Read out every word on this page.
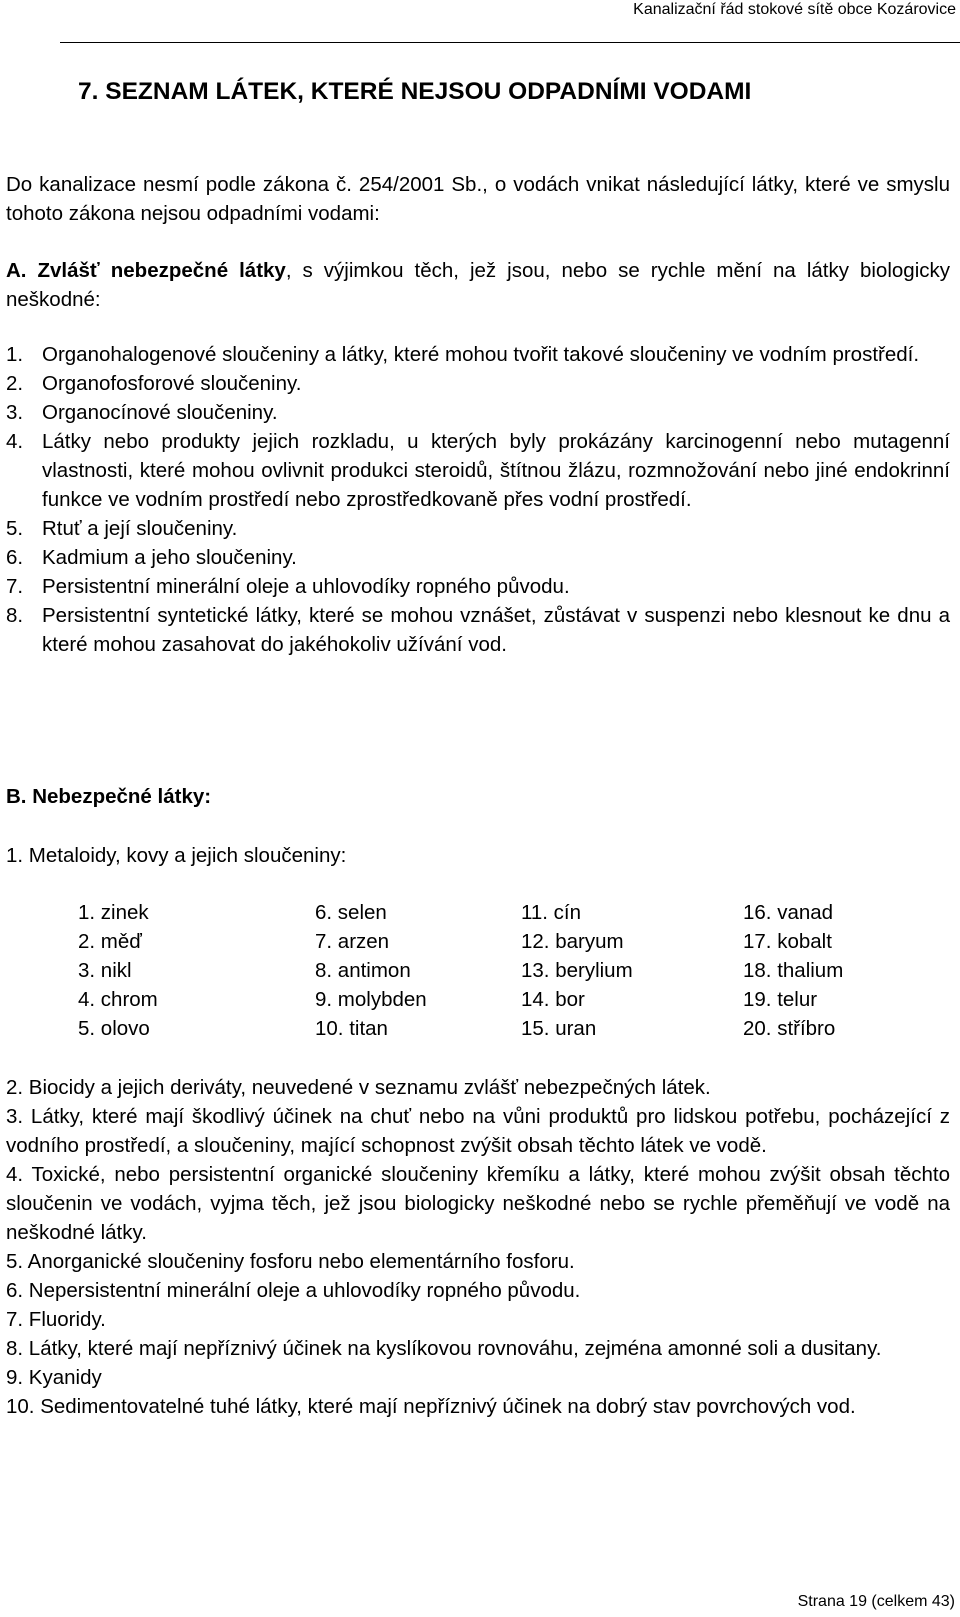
Kanalizační řád stokové sítě obce Kozárovice
7. SEZNAM LÁTEK, KTERÉ NEJSOU ODPADNÍMI VODAMI

Do kanalizace nesmí podle zákona č. 254/2001 Sb., o vodách vnikat následující látky, které ve smyslu tohoto zákona nejsou odpadními vodami:

A. Zvlášť nebezpečné látky, s výjimkou těch, jež jsou, nebo se rychle mění na látky biologicky neškodné:

1. Organohalogenové sloučeniny a látky, které mohou tvořit takové sloučeniny ve vodním prostředí.
2. Organofosforové sloučeniny.
3. Organocínové sloučeniny.
4. Látky nebo produkty jejich rozkladu, u kterých byly prokázány karcinogenní nebo mutagenní vlastnosti, které mohou ovlivnit produkci steroidů, štítnou žlázu, rozmnožování nebo jiné endokrinní funkce ve vodním prostředí nebo zprostředkovaně přes vodní prostředí.
5. Rtuť a její sloučeniny.
6. Kadmium a jeho sloučeniny.
7. Persistentní minerální oleje a uhlovodíky ropného původu.
8. Persistentní syntetické látky, které se mohou vznášet, zůstávat v suspenzi nebo klesnout ke dnu a které mohou zasahovat do jakéhokoliv užívání vod.

B. Nebezpečné látky:

1. Metaloidy, kovy a jejich sloučeniny:

1. zinek	6. selen	11. cín	16. vanad
2. měď	7. arzen	12. baryum	17. kobalt
3. nikl	8. antimon	13. berylium	18. thalium
4. chrom	9. molybden	14. bor	19. telur
5. olovo	10. titan	15. uran	20. stříbro
2. Biocidy a jejich deriváty, neuvedené v seznamu zvlášť nebezpečných látek.
3. Látky, které mají škodlivý účinek na chuť nebo na vůni produktů pro lidskou potřebu, pocházející z vodního prostředí, a sloučeniny, mající schopnost zvýšit obsah těchto látek ve vodě.
4. Toxické, nebo persistentní organické sloučeniny křemíku a látky, které mohou zvýšit obsah těchto sloučenin ve vodách, vyjma těch, jež jsou biologicky neškodné nebo se rychle přeměňují ve vodě na neškodné látky.
5. Anorganické sloučeniny fosforu nebo elementárního fosforu.
6. Nepersistentní minerální oleje a uhlovodíky ropného původu.
7. Fluoridy.
8. Látky, které mají nepříznivý účinek na kyslíkovou rovnováhu, zejména amonné soli a dusitany.
9. Kyanidy
10. Sedimentovatelné tuhé látky, které mají nepříznivý účinek na dobrý stav povrchových vod.
Strana 19 (celkem 43)
